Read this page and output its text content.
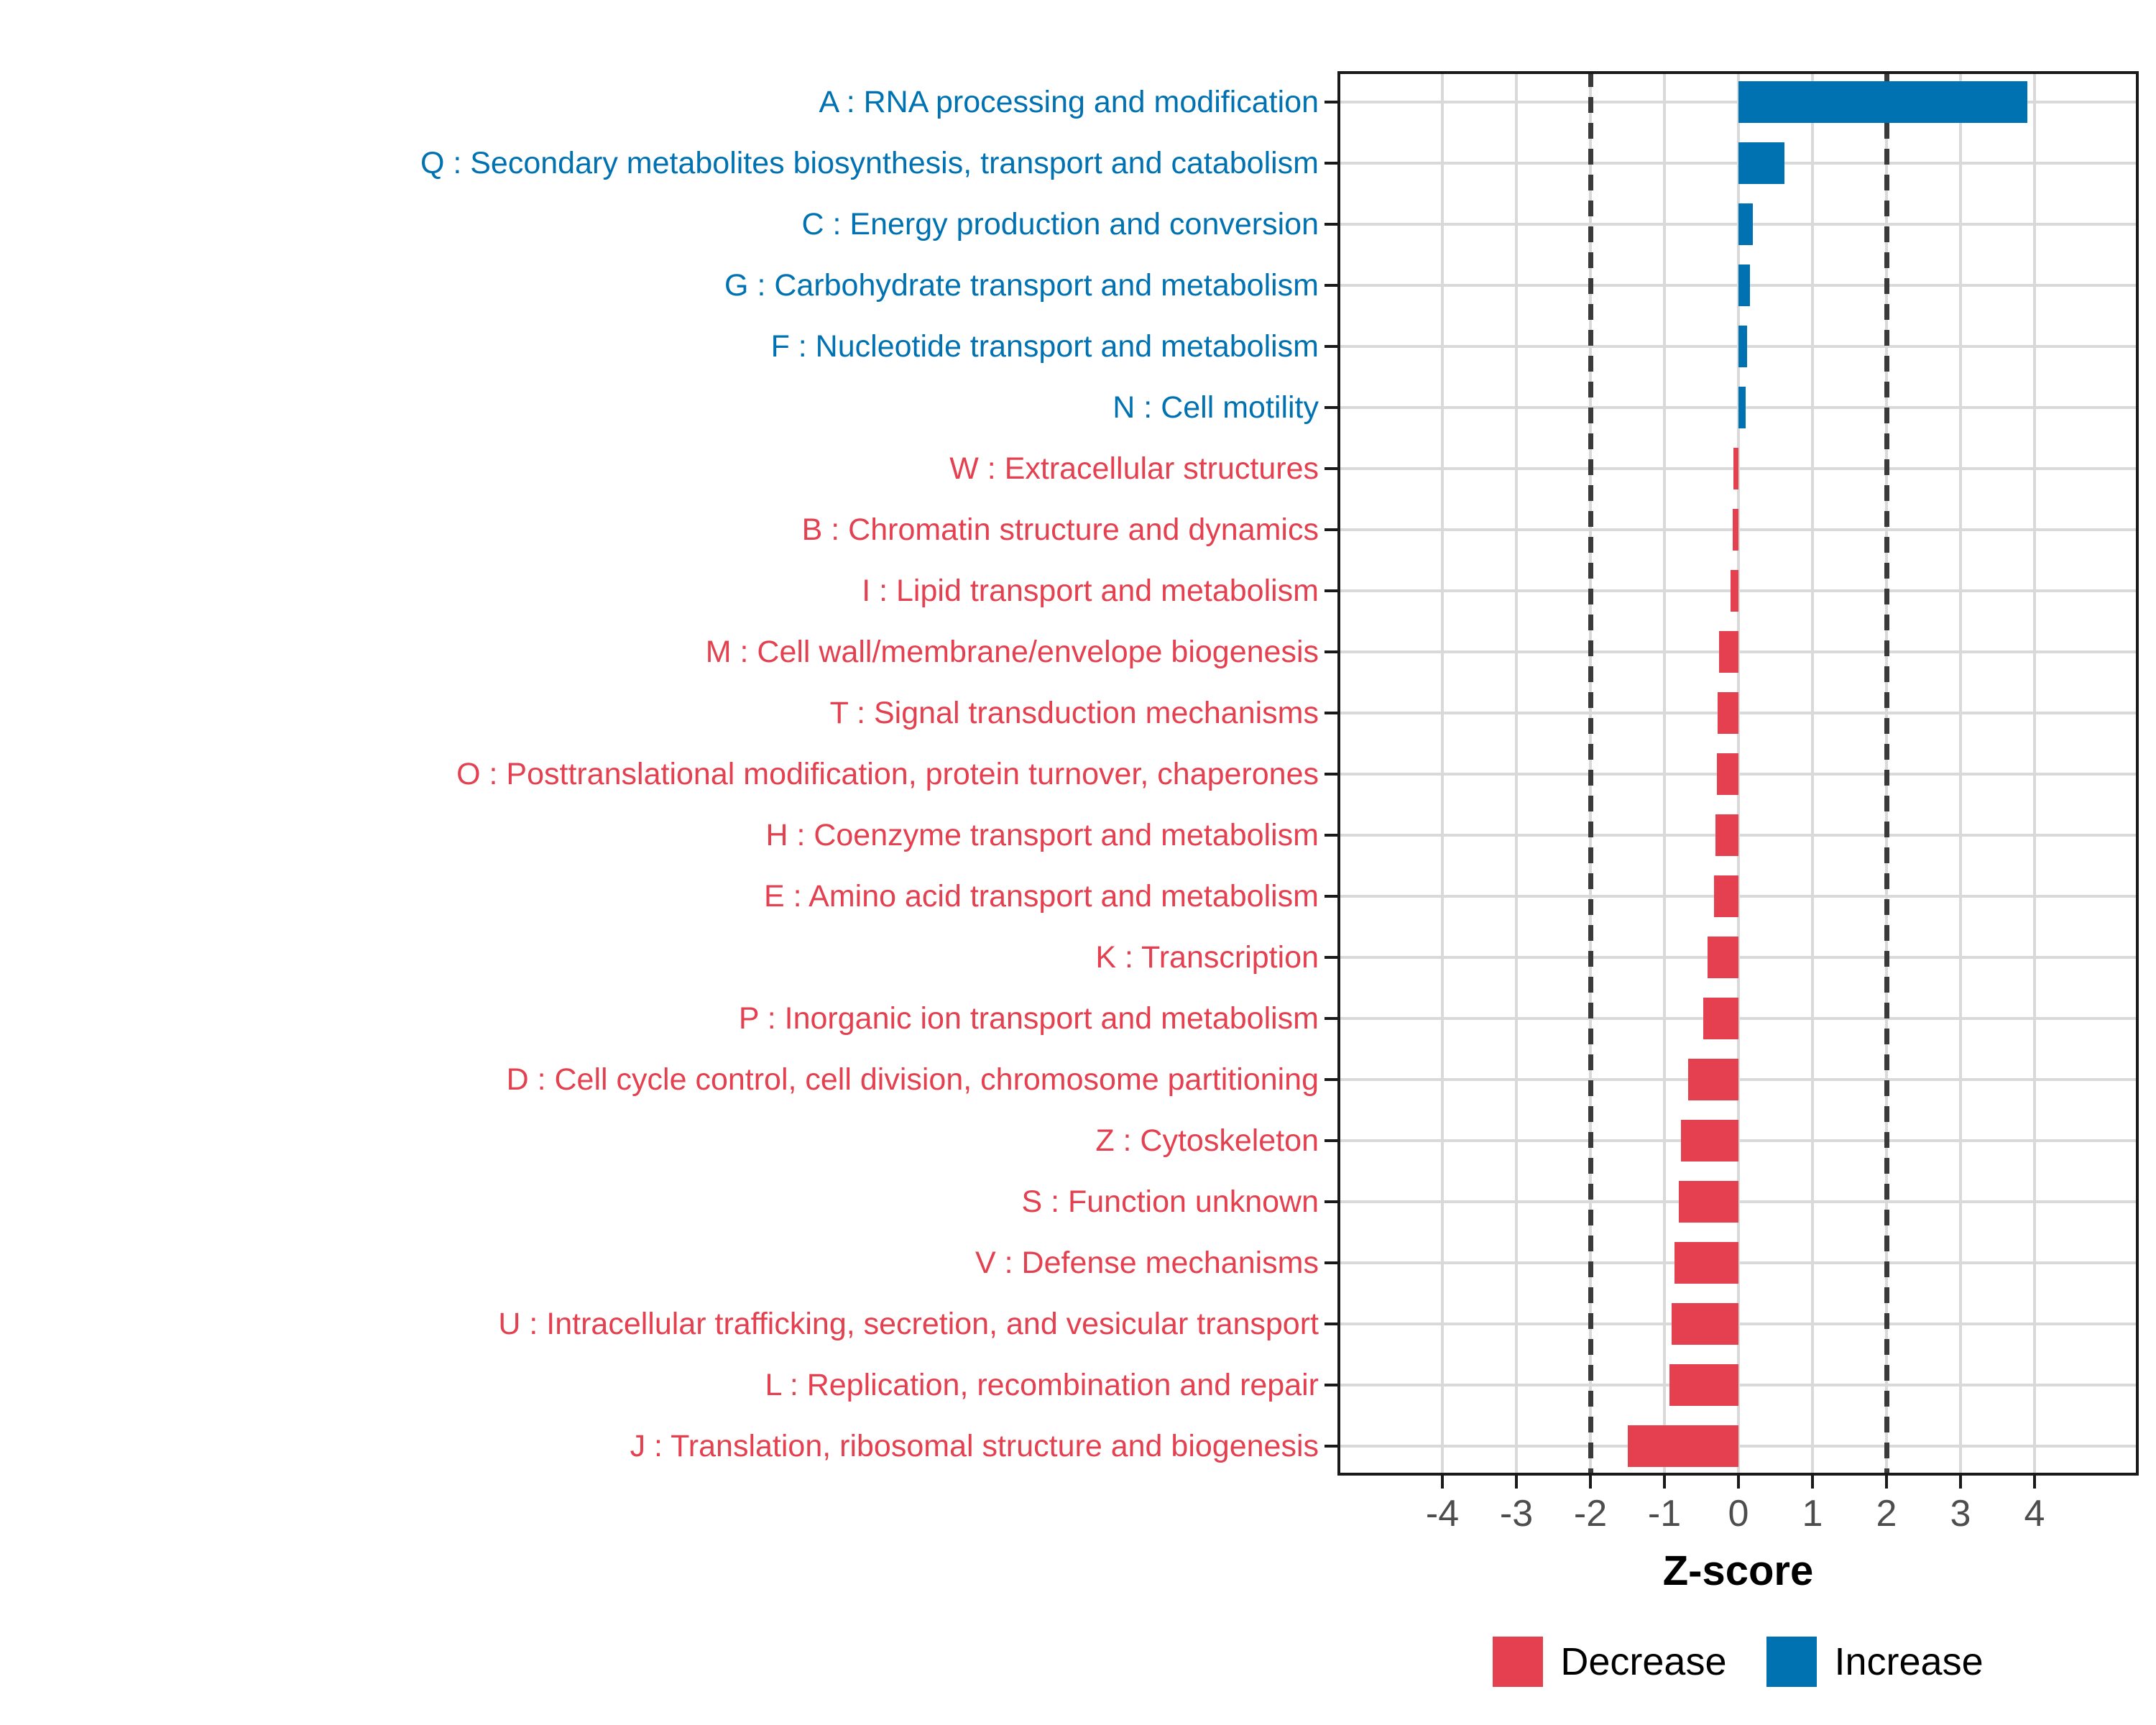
A : RNA processing and modification
Q : Secondary metabolites biosynthesis, transport and catabolism
C : Energy production and conversion
G : Carbohydrate transport and metabolism
F : Nucleotide transport and metabolism
N : Cell motility
W : Extracellular structures
B : Chromatin structure and dynamics
I : Lipid transport and metabolism
M : Cell wall/membrane/envelope biogenesis
T : Signal transduction mechanisms
O : Posttranslational modification, protein turnover, chaperones
H : Coenzyme transport and metabolism
E : Amino acid transport and metabolism
K : Transcription
P : Inorganic ion transport and metabolism
D : Cell cycle control, cell division, chromosome partitioning
Z : Cytoskeleton
S : Function unknown
V : Defense mechanisms
U : Intracellular trafficking, secretion, and vesicular transport
L : Replication, recombination and repair
J : Translation, ribosomal structure and biogenesis
-4	-3	-2	-1	0	1	2	3	4
Z-score
Decrease	Increase
